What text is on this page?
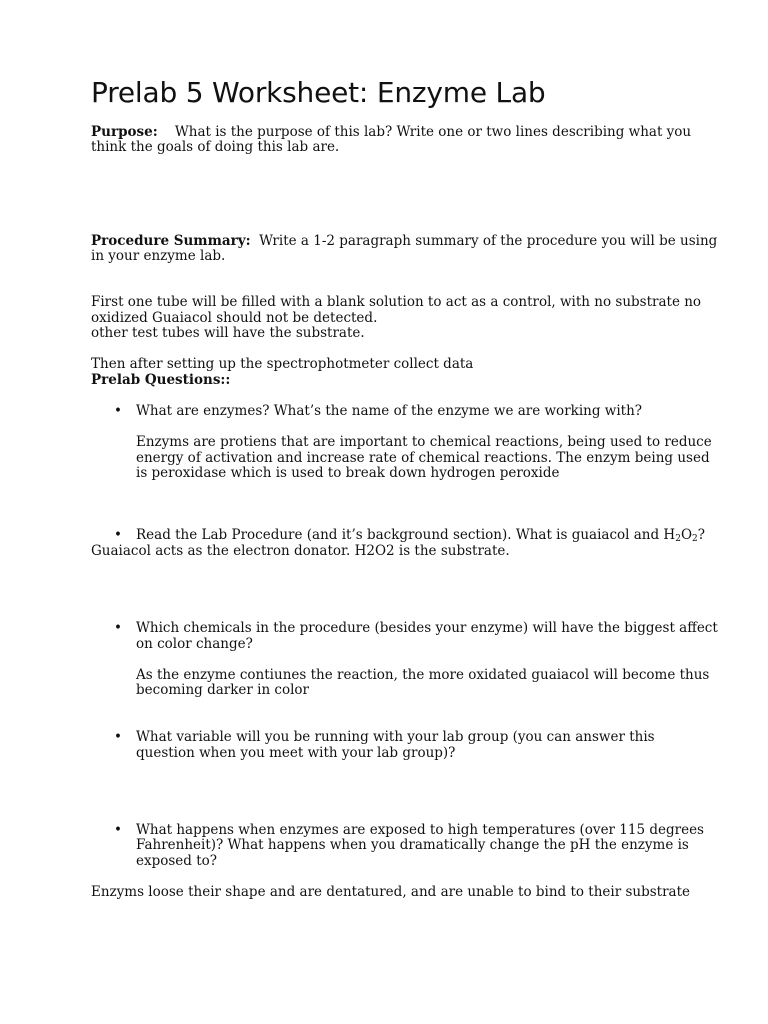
Prelab 5 Worksheet: Enzyme Lab
Purpose: What is the purpose of this lab? Write one or two lines describing what you
think the goals of doing this lab are.
Procedure Summary: Write a 1-2 paragraph summary of the procedure you will be using
in your enzyme lab.
First one tube will be filled with a blank solution to act as a control, with no substrate no
oxidized Guaiacol should not be detected.
other test tubes will have the substrate.
Then after setting up the spectrophotmeter collect data
Prelab Questions::
• What are enzymes? What’s the name of the enzyme we are working with?
Enzyms are protiens that are important to chemical reactions, being used to reduce
energy of activation and increase rate of chemical reactions. The enzym being used
is peroxidase which is used to break down hydrogen peroxide
• Read the Lab Procedure (and it’s background section). What is guaiacol and $H_2O_2$?
Guaiacol acts as the electron donator. H2O2 is the substrate.
• Which chemicals in the procedure (besides your enzyme) will have the biggest affect
on color change?
As the enzyme contiunes the reaction, the more oxidated guaiacol will become thus
becoming darker in color
• What variable will you be running with your lab group (you can answer this
question when you meet with your lab group)?
• What happens when enzymes are exposed to high temperatures (over 115 degrees
Fahrenheit)? What happens when you dramatically change the pH the enzyme is
exposed to?
Enzyms loose their shape and are dentatured, and are unable to bind to their substrate
